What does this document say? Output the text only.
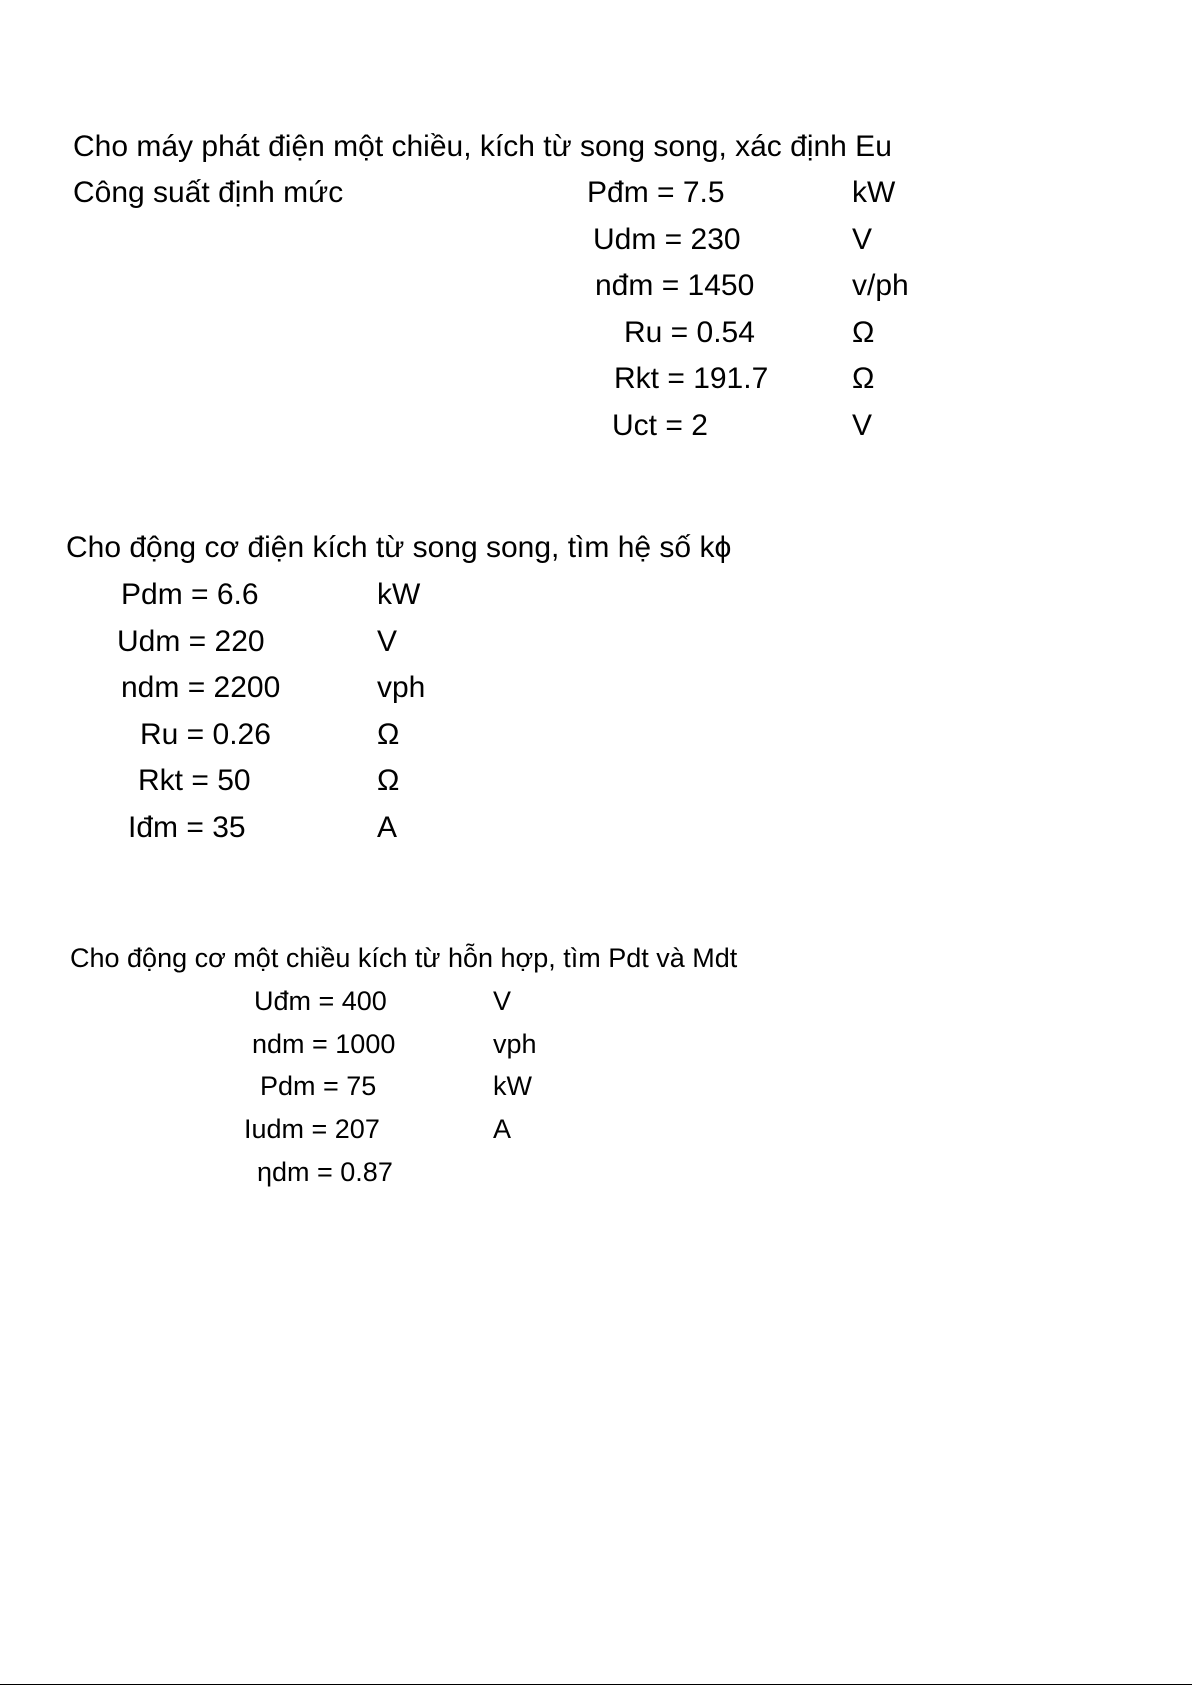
Cho máy phát điện một chiều, kích từ song song, xác định Eu
Công suất định mức	Pđm = 7.5	kW
Udm = 230	V
nđm = 1450	v/ph
Ru = 0.54	Ω
Rkt = 191.7	Ω
Uct = 2	V
Cho động cơ điện kích từ song song, tìm hệ số kϕ
Pdm = 6.6	kW
Udm = 220	V
ndm = 2200	vph
Ru = 0.26	Ω
Rkt = 50	Ω
Iđm = 35	A
Cho động cơ một chiều kích từ hỗn hợp, tìm Pdt và Mdt
Uđm = 400	V
ndm = 1000	vph
Pdm = 75	kW
Iudm = 207	A
ηdm = 0.87
